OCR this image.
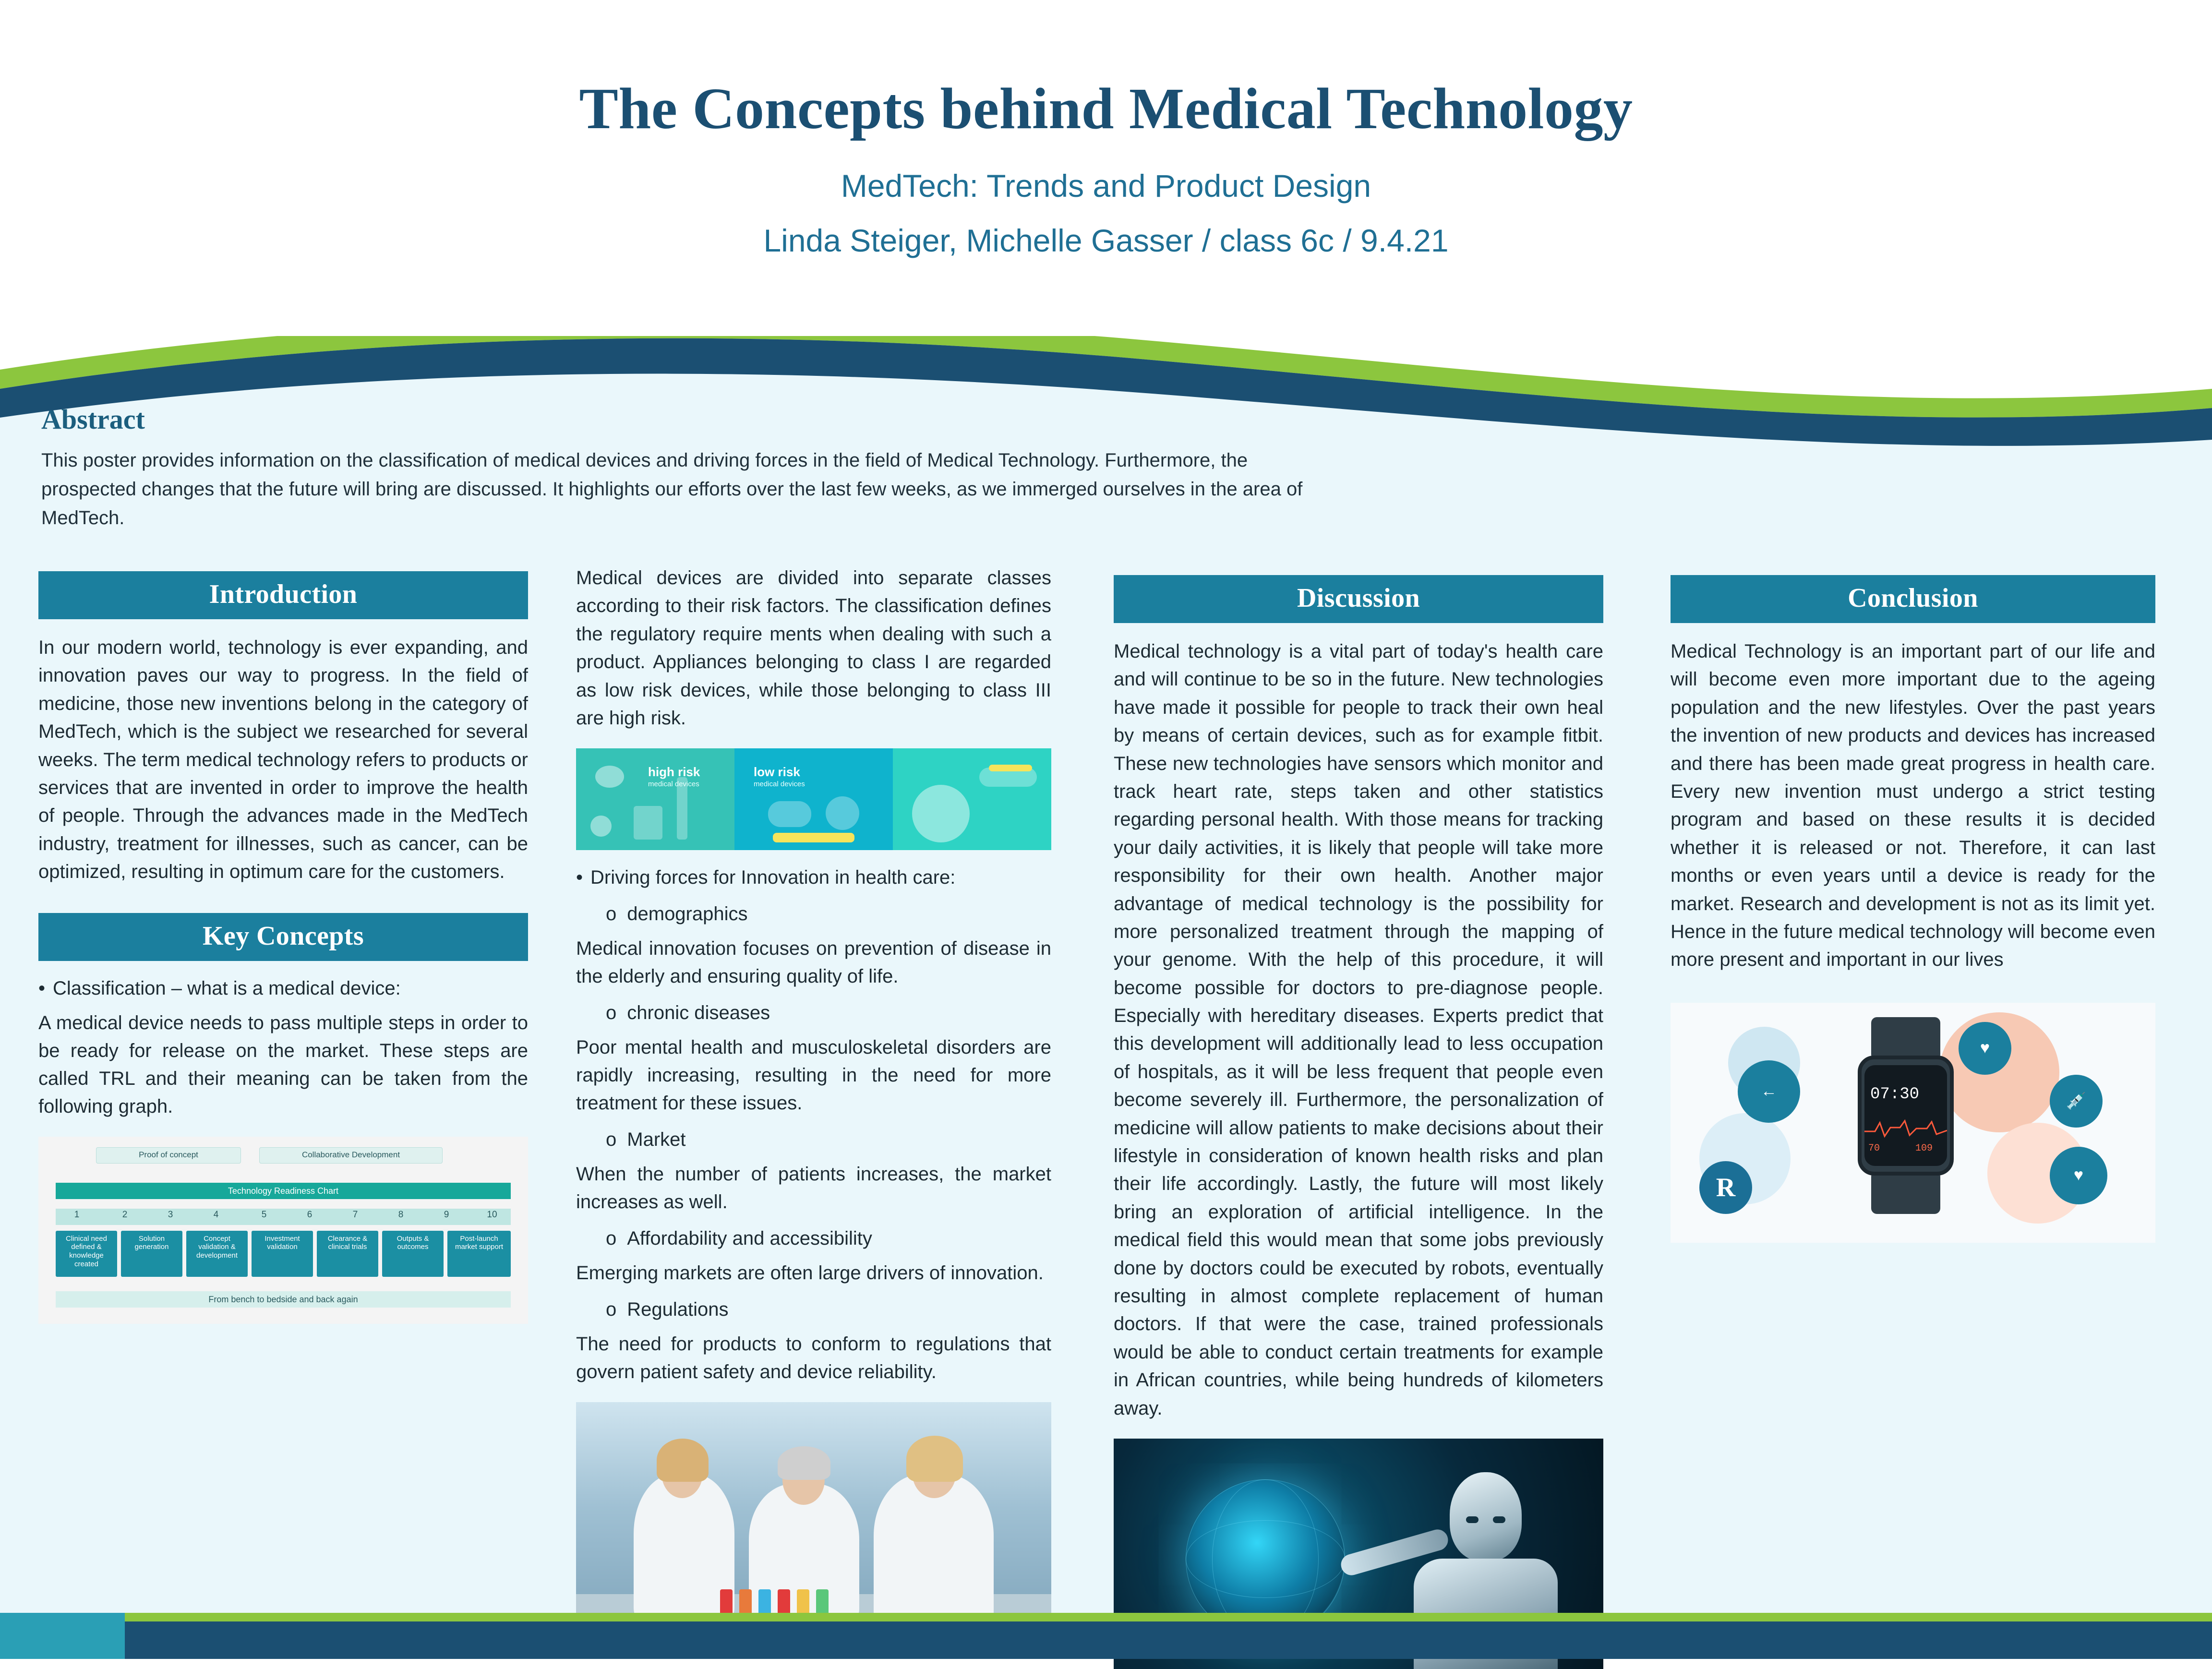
The Concepts behind Medical Technology
MedTech: Trends and Product Design
Linda Steiger, Michelle Gasser / class 6c / 9.4.21
Abstract
This poster provides information on the classification of medical devices and driving forces in the field of Medical Technology. Furthermore, the prospected changes that the future will bring are discussed. It highlights our efforts over the last few weeks, as we immerged ourselves in the area of MedTech.
Introduction
In our modern world, technology is ever expanding, and innovation paves our way to progress. In the field of medicine, those new inventions belong in the category of MedTech, which is the subject we researched for several weeks. The term medical technology refers to products or services that are invented in order to improve the health of people. Through the advances made in the MedTech industry, treatment for illnesses, such as cancer, can be optimized, resulting in optimum care for the customers.
Key Concepts
• Classification – what is a medical device:
A medical device needs to pass multiple steps in order to be ready for release on the market. These steps are called TRL and their meaning can be taken from the following graph.
Proof of concept	Collaborative Development
Technology Readiness Chart
1	2	3	4	5	6	7	8	9	10
Clinical need defined & knowledge created
Solution generation
Concept validation & development
Investment validation
Clearance & clinical trials
Outputs & outcomes
Post-launch market support
From bench to bedside and back again
Medical devices are divided into separate classes according to their risk factors. The classification defines the regulatory require ments when dealing with such a product. Appliances belonging to class I are regarded as low risk devices, while those belonging to class III are high risk.
high risk
medical devices
low risk
medical devices
• Driving forces for Innovation in health care:
o demographics
Medical innovation focuses on prevention of disease in the elderly and ensuring quality of life.
o chronic diseases
Poor mental health and musculoskeletal disorders are rapidly increasing, resulting in the need for more treatment for these issues.
o Market
When the number of patients increases, the market increases as well.
o Affordability and accessibility
Emerging markets are often large drivers of innovation.
o Regulations
The need for products to conform to regulations that govern patient safety and device reliability.
Discussion
Medical technology is a vital part of today's health care and will continue to be so in the future. New technologies have made it possible for people to track their own heal by means of certain devices, such as for example fitbit. These new technologies have sensors which monitor and track heart rate, steps taken and other statistics regarding personal health. With those means for tracking your daily activities, it is likely that people will take more responsibility for their own health. Another major advantage of medical technology is the possibility for more personalized treatment through the mapping of your genome. With the help of this procedure, it will become possible for doctors to pre-diagnose people. Especially with hereditary diseases. Experts predict that this development will additionally lead to less occupation of hospitals, as it will be less frequent that people even become severely ill. Furthermore, the personalization of medicine will allow patients to make decisions about their lifestyle in consideration of known health risks and plan their life accordingly. Lastly, the future will most likely bring an exploration of artificial intelligence. In the medical field this would mean that some jobs previously done by doctors could be executed by robots, eventually resulting in almost complete replacement of human doctors. If that were the case, trained professionals would be able to conduct certain treatments for example in African countries, while being hundreds of kilometers away.
Conclusion
Medical Technology is an important part of our life and will become even more important due to the ageing population and the new lifestyles. Over the past years the invention of new products and devices has increased and there has been made great progress in health care. Every new invention must undergo a strict testing program and based on these results it is decided whether it is released or not. Therefore, it can last months or even years until a device is ready for the market. Research and development is not as its limit yet. Hence in the future medical technology will become even more present and important in our lives
←
♥
💉
♥
R
07:30
70	109
